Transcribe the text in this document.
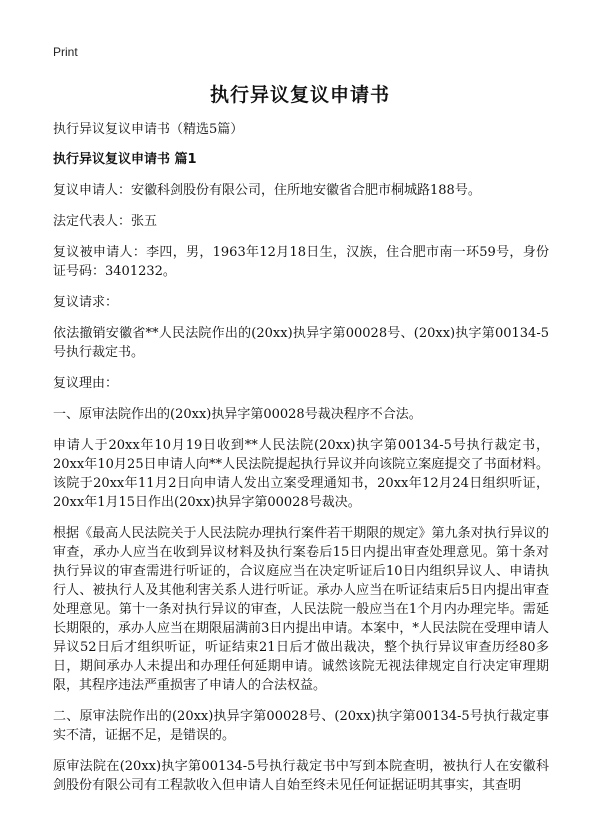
Print
执行异议复议申请书

执行异议复议申请书（精选5篇）

执行异议复议申请书 篇1

复议申请人：安徽科剑股份有限公司，住所地安徽省合肥市桐城路188号。

法定代表人：张五

复议被申请人：李四，男，1963年12月18日生，汉族，住合肥市南一环59号，身份证号码：3401232。

复议请求：

依法撤销安徽省**人民法院作出的(20xx)执异字第00028号、(20xx)执字第00134-5号执行裁定书。

复议理由：

一、原审法院作出的(20xx)执异字第00028号裁决程序不合法。

申请人于20xx年10月19日收到**人民法院(20xx)执字第00134-5号执行裁定书，20xx年10月25日申请人向**人民法院提起执行异议并向该院立案庭提交了书面材料。该院于20xx年11月2日向申请人发出立案受理通知书，20xx年12月24日组织听证，20xx年1月15日作出(20xx)执异字第00028号裁决。

根据《最高人民法院关于人民法院办理执行案件若干期限的规定》第九条对执行异议的审查，承办人应当在收到异议材料及执行案卷后15日内提出审查处理意见。第十条对执行异议的审查需进行听证的，合议庭应当在决定听证后10日内组织异议人、申请执行人、被执行人及其他利害关系人进行听证。承办人应当在听证结束后5日内提出审查处理意见。第十一条对执行异议的审查，人民法院一般应当在1个月内办理完毕。需延长期限的，承办人应当在期限届满前3日内提出申请。本案中，*人民法院在受理申请人异议52日后才组织听证，听证结束21日后才做出裁决，整个执行异议审查历经80多日，期间承办人未提出和办理任何延期申请。诚然该院无视法律规定自行决定审理期限，其程序违法严重损害了申请人的合法权益。

二、原审法院作出的(20xx)执异字第00028号、(20xx)执字第00134-5号执行裁定事实不清，证据不足，是错误的。

原审法院在(20xx)执字第00134-5号执行裁定书中写到本院查明，被执行人在安徽科剑股份有限公司有工程款收入但申请人自始至终未见任何证据证明其事实，其查明
